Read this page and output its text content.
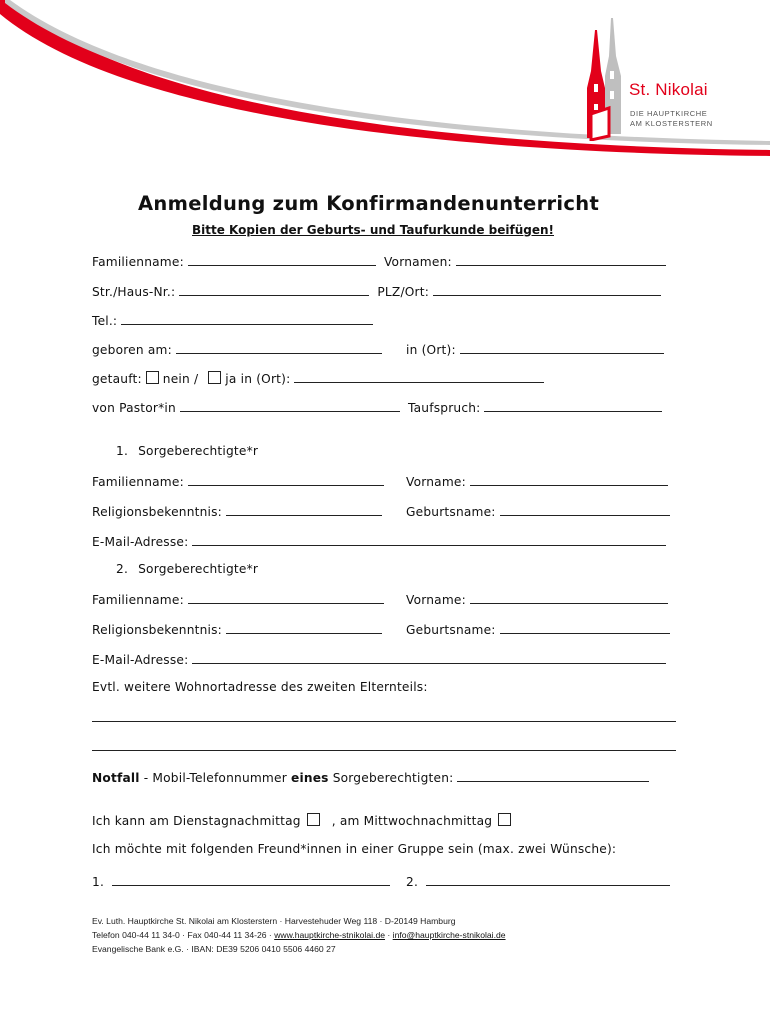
St. Nikolai
DIE HAUPTKIRCHE
AM KLOSTERSTERN
Anmeldung zum Konfirmandenunterricht
Bitte Kopien der Geburts- und Taufurkunde beifügen!
Familienname:	Vornamen:
Str./Haus-Nr.:	PLZ/Ort:
Tel.:
geboren am:	in (Ort):
getauft: nein / ja in (Ort):
von Pastor*in	Taufspruch:
1. Sorgeberechtigte*r
Familienname:	Vorname:
Religionsbekenntnis:	Geburtsname:
E-Mail-Adresse:
2. Sorgeberechtigte*r
Familienname:	Vorname:
Religionsbekenntnis:	Geburtsname:
E-Mail-Adresse:
Evtl. weitere Wohnortadresse des zweiten Elternteils:
Notfall - Mobil-Telefonnummer eines Sorgeberechtigten:
Ich kann am Dienstagnachmittag	, am Mittwochnachmittag
Ich möchte mit folgenden Freund*innen in einer Gruppe sein (max. zwei Wünsche):
1.	2.
Ev. Luth. Hauptkirche St. Nikolai am Klosterstern · Harvestehuder Weg 118 · D-20149 Hamburg
Telefon 040-44 11 34-0 · Fax 040-44 11 34-26 · www.hauptkirche-stnikolai.de · info@hauptkirche-stnikolai.de
Evangelische Bank e.G. · IBAN: DE39 5206 0410 5506 4460 27
